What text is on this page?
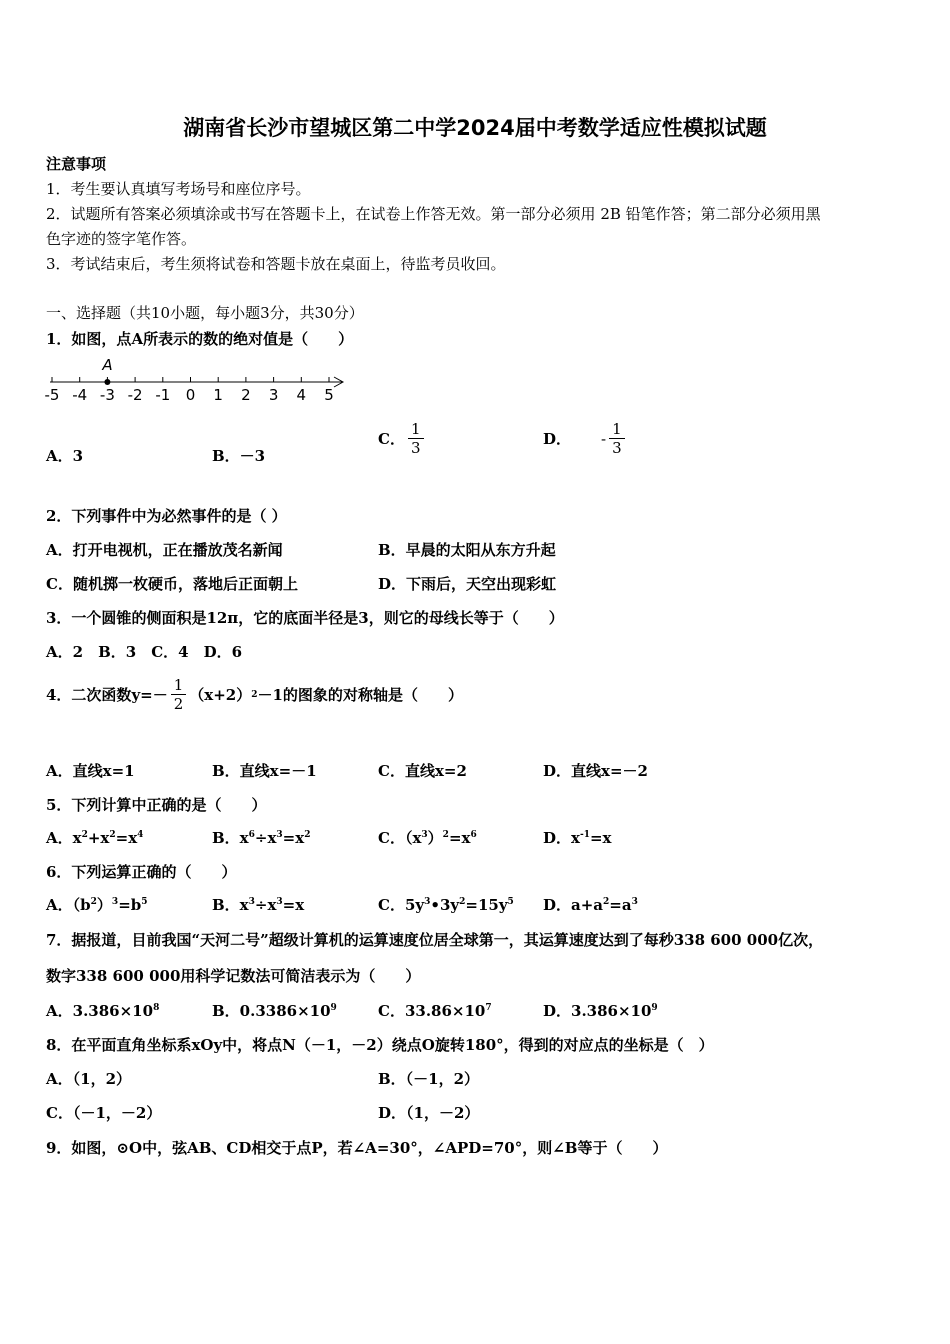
湖南省长沙市望城区第二中学2024届中考数学适应性模拟试题
注意事项
1．考生要认真填写考场号和座位序号。
2．试题所有答案必须填涂或书写在答题卡上，在试卷上作答无效。第一部分必须用 2B 铅笔作答；第二部分必须用黑
色字迹的签字笔作答。
3．考试结束后，考生须将试卷和答题卡放在桌面上，待监考员收回。
一、选择题（共10小题，每小题3分，共30分）
1．如图，点A所表示的数的绝对值是（　　）
-5 -4 -3 -2 -1 0 1 2 3 4 5
A
A．3	B．－3
C． $\frac{1}{3}$	D． - $\frac{1}{3}$
2．下列事件中为必然事件的是（ ）
A．打开电视机，正在播放茂名新闻	B．早晨的太阳从东方升起
C．随机掷一枚硬币，落地后正面朝上	D．下雨后，天空出现彩虹
3．一个圆锥的侧面积是12π，它的底面半径是3，则它的母线长等于（　　）
A．2　B．3　C．4　D．6
4．二次函数$y=- \frac{1}{2} (x+2)$ 2 －1的图象的对称轴是（　　）
A．直线x=1	B．直线x=－1	C．直线x=2	D．直线x=－2
5．下列计算中正确的是（　　）
A．$x^2+x^2=x^4$	B．$x^6\div x^3=x^2$	C．$(x^3)^2=x^6$	D．$x^{-1}=x$
6．下列运算正确的（　　）
A．$(b^2)^3=b^5$	B．$x^3\div x^3=x$	C．$5y^3•3y^2=15y^5$ D．$a+a^2=a^3$
7．据报道，目前我国“天河二号”超级计算机的运算速度位居全球第一，其运算速度达到了每秒338 600 000亿次，
数字338 600 000用科学记数法可简洁表示为（　　）
A．$3.386\times 10^8$	B．$0.3386\times 10^9$	C．$33.86\times 10^7$	D．$3.386\times 10^9$
8．在平面直角坐标系xOy中，将点N（－1，－2）绕点O旋转180°，得到的对应点的坐标是（　）
A．（1，2）	B．（－1，2）
C．（－1，－2）	D．（1，－2）
9．如图，⊙O中，弦AB、CD相交于点P，若∠A=30°，∠APD=70°，则∠B等于（　　）
